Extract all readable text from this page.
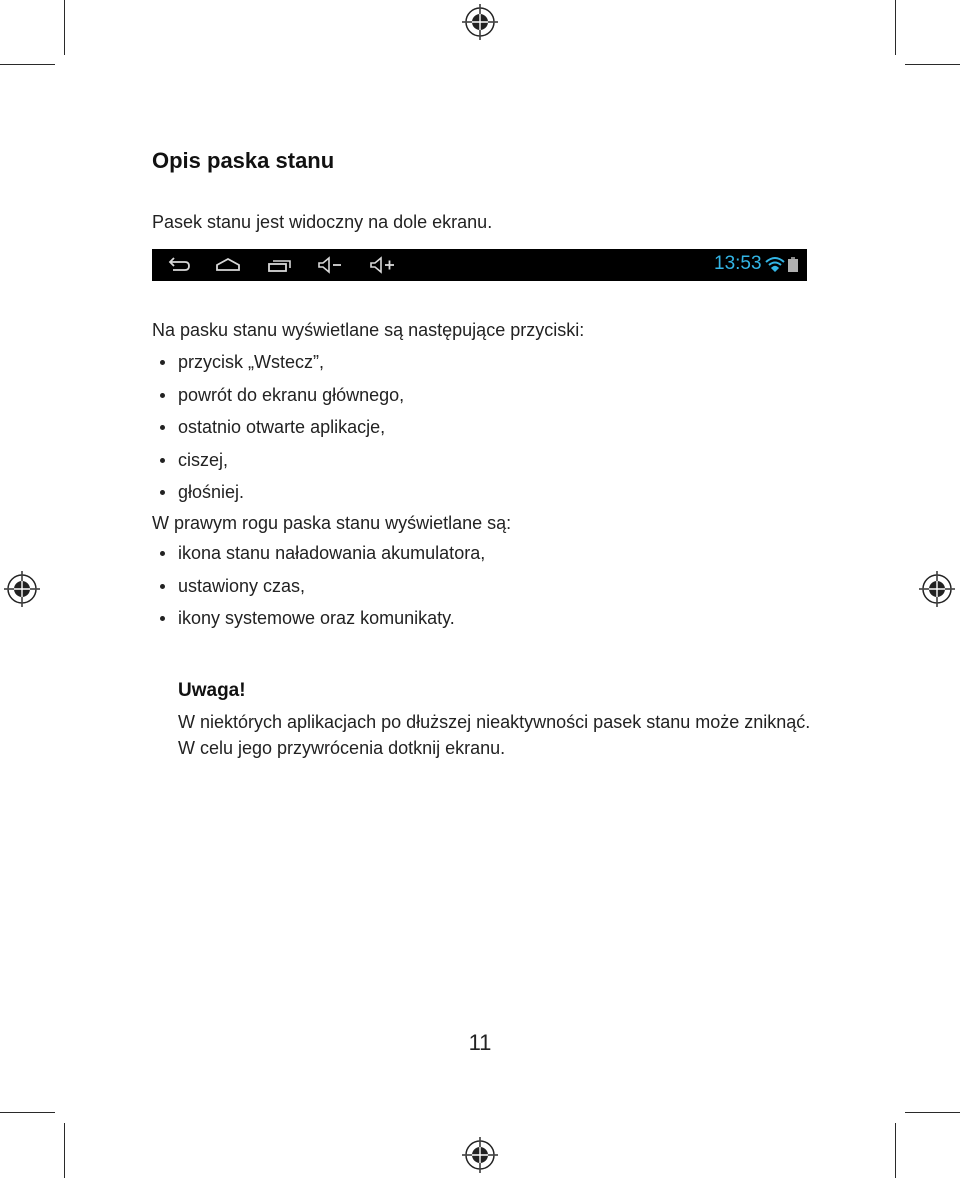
Opis paska stanu
Pasek stanu jest widoczny na dole ekranu.
13:53
Na pasku stanu wyświetlane są następujące przyciski:
przycisk „Wstecz”,
powrót do ekranu głównego,
ostatnio otwarte aplikacje,
ciszej,
głośniej.
W prawym rogu paska stanu wyświetlane są:
ikona stanu naładowania akumulatora,
ustawiony czas,
ikony systemowe oraz komunikaty.
Uwaga!
W niektórych aplikacjach po dłuższej nieaktywności pasek stanu może zniknąć. W celu jego przywrócenia dotknij ekranu.
11
